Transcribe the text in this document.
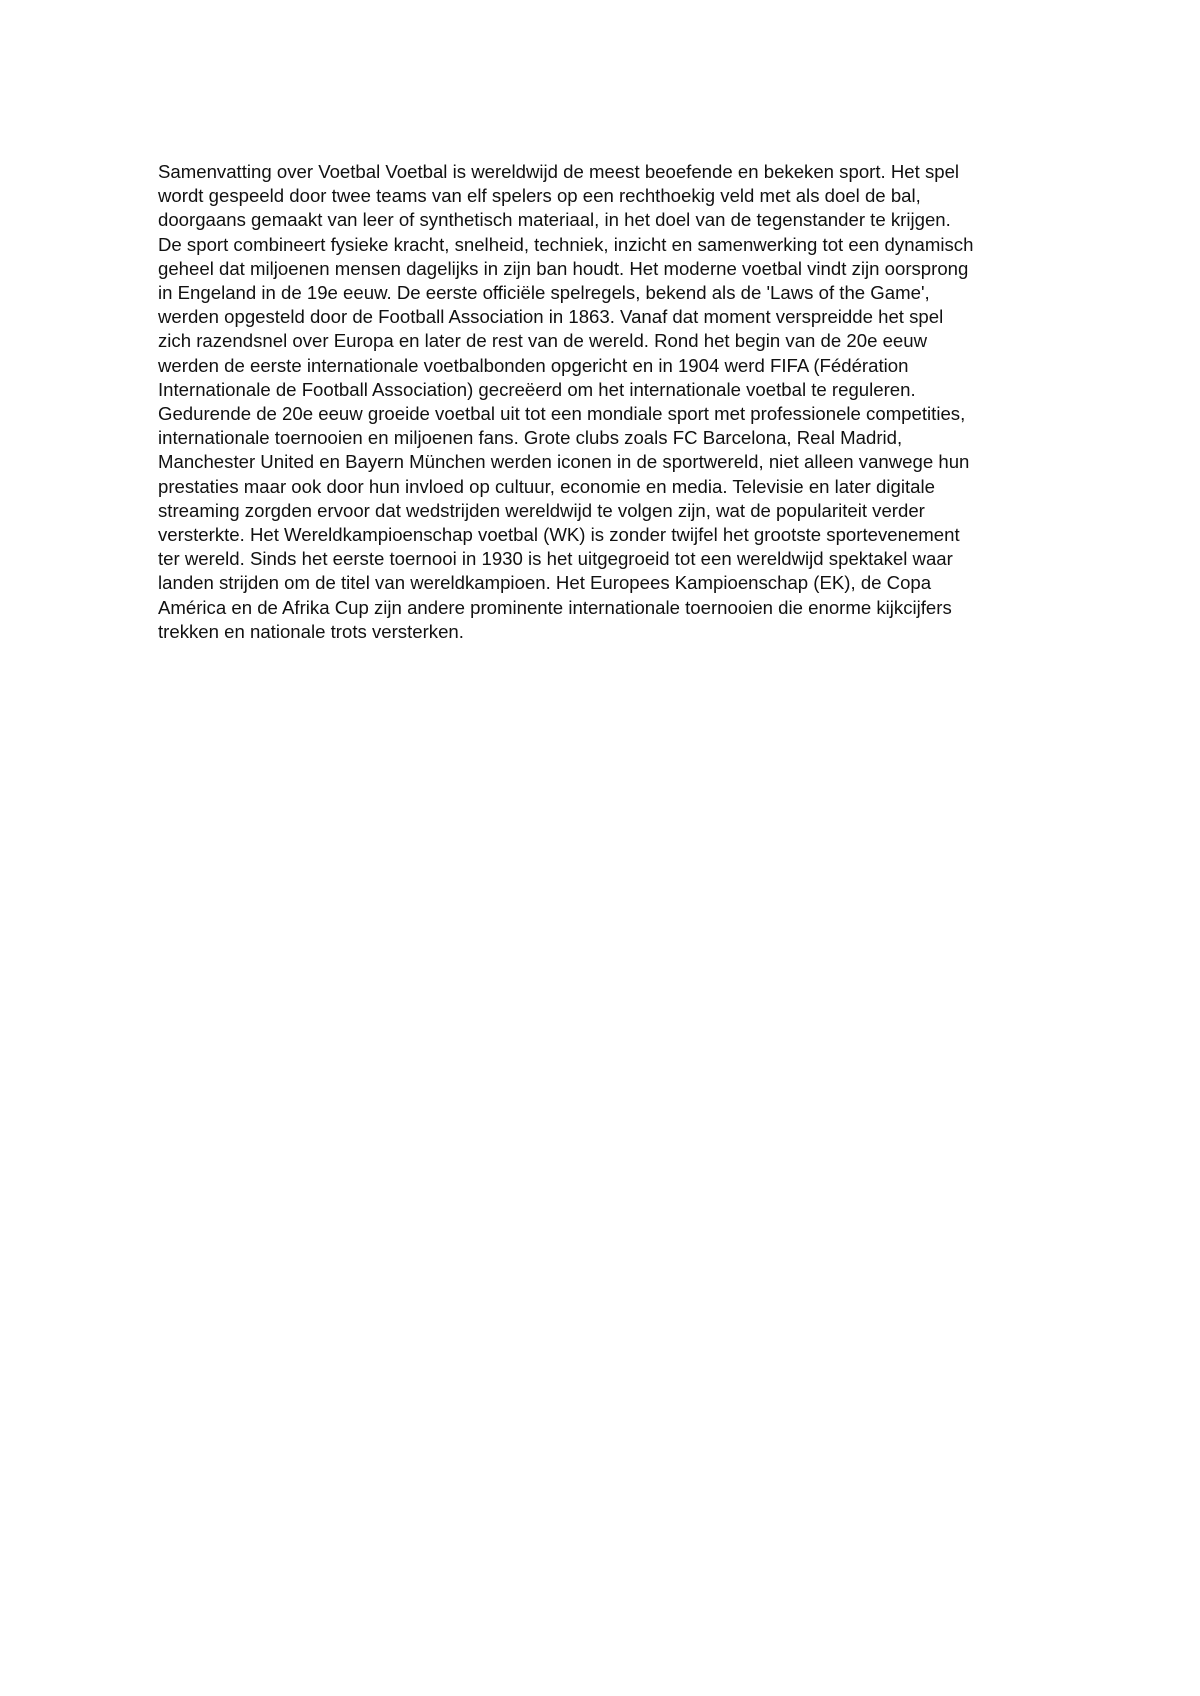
Samenvatting over Voetbal Voetbal is wereldwijd de meest beoefende en bekeken sport. Het spel
wordt gespeeld door twee teams van elf spelers op een rechthoekig veld met als doel de bal,
doorgaans gemaakt van leer of synthetisch materiaal, in het doel van de tegenstander te krijgen.
De sport combineert fysieke kracht, snelheid, techniek, inzicht en samenwerking tot een dynamisch
geheel dat miljoenen mensen dagelijks in zijn ban houdt. Het moderne voetbal vindt zijn oorsprong
in Engeland in de 19e eeuw. De eerste officiële spelregels, bekend als de 'Laws of the Game',
werden opgesteld door de Football Association in 1863. Vanaf dat moment verspreidde het spel
zich razendsnel over Europa en later de rest van de wereld. Rond het begin van de 20e eeuw
werden de eerste internationale voetbalbonden opgericht en in 1904 werd FIFA (Fédération
Internationale de Football Association) gecreëerd om het internationale voetbal te reguleren.
Gedurende de 20e eeuw groeide voetbal uit tot een mondiale sport met professionele competities,
internationale toernooien en miljoenen fans. Grote clubs zoals FC Barcelona, Real Madrid,
Manchester United en Bayern München werden iconen in de sportwereld, niet alleen vanwege hun
prestaties maar ook door hun invloed op cultuur, economie en media. Televisie en later digitale
streaming zorgden ervoor dat wedstrijden wereldwijd te volgen zijn, wat de populariteit verder
versterkte. Het Wereldkampioenschap voetbal (WK) is zonder twijfel het grootste sportevenement
ter wereld. Sinds het eerste toernooi in 1930 is het uitgegroeid tot een wereldwijd spektakel waar
landen strijden om de titel van wereldkampioen. Het Europees Kampioenschap (EK), de Copa
América en de Afrika Cup zijn andere prominente internationale toernooien die enorme kijkcijfers
trekken en nationale trots versterken.
